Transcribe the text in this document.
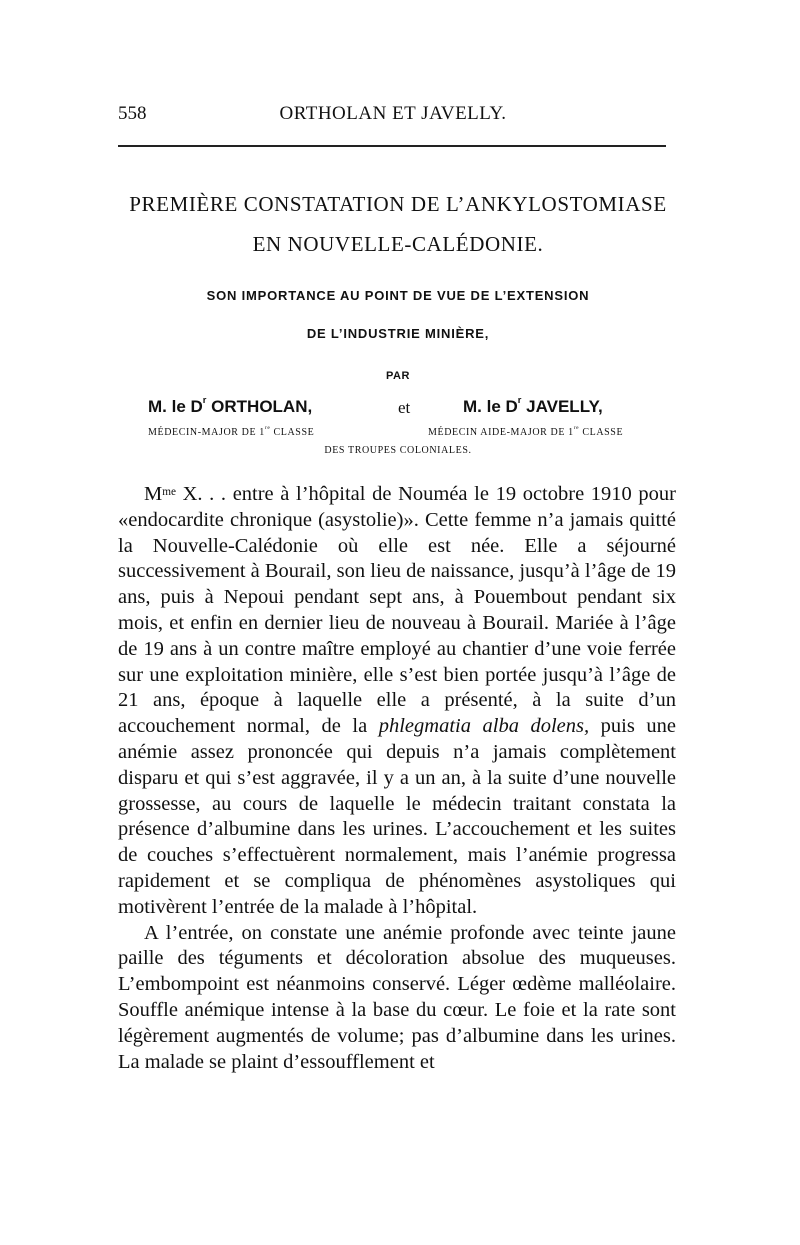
558	ORTHOLAN ET JAVELLY.
PREMIÈRE CONSTATATION DE L’ANKYLOSTOMIASE
EN NOUVELLE-CALÉDONIE.
SON IMPORTANCE AU POINT DE VUE DE L’EXTENSION
DE L’INDUSTRIE MINIÈRE,
PAR
M. le $D^r$ ORTHOLAN,	et	M. le $D^r$ JAVELLY,
MÉDECIN-MAJOR DE 1re CLASSE	MÉDECIN AIDE-MAJOR DE 1re CLASSE
DES TROUPES COLONIALES.

$M^{me}$ X. . . entre à l’hôpital de Nouméa le 19 octobre 1910 pour «endocardite chronique (asystolie)». Cette femme n’a jamais quitté la Nouvelle-Calédonie où elle est née. Elle a séjourné successivement à Bourail, son lieu de naissance, jusqu’à l’âge de 19 ans, puis à Nepoui pendant sept ans, à Pouembout pendant six mois, et enfin en dernier lieu de nouveau à Bourail. Mariée à l’âge de 19 ans à un contre maître employé au chantier d’une voie ferrée sur une exploitation minière, elle s’est bien portée jusqu’à l’âge de 21 ans, époque à laquelle elle a présenté, à la suite d’un accouchement normal, de la phlegmatia alba dolens, puis une anémie assez prononcée qui depuis n’a jamais complètement disparu et qui s’est aggravée, il y a un an, à la suite d’une nouvelle grossesse, au cours de laquelle le médecin traitant constata la présence d’albumine dans les urines. L’accouchement et les suites de couches s’effectuèrent normalement, mais l’anémie progressa rapidement et se compliqua de phénomènes asystoliques qui motivèrent l’entrée de la malade à l’hôpital.

A l’entrée, on constate une anémie profonde avec teinte jaune paille des téguments et décoloration absolue des muqueuses. L’embompoint est néanmoins conservé. Léger œdème malléolaire. Souffle anémique intense à la base du cœur. Le foie et la rate sont légèrement augmentés de volume; pas d’albumine dans les urines. La malade se plaint d’essoufflement et
